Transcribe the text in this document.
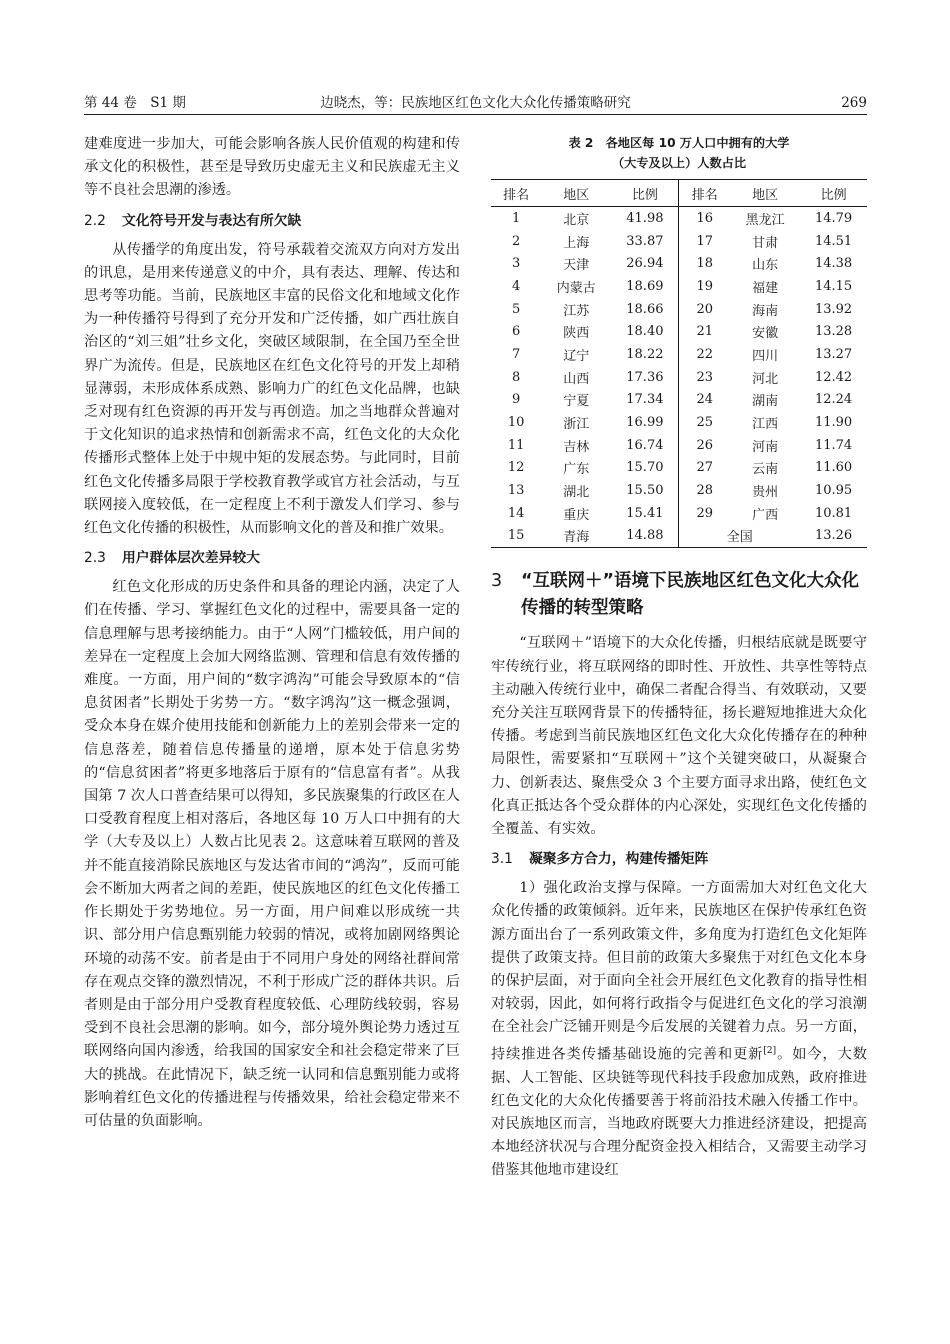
第 44 卷　S1 期	边晓杰，等：民族地区红色文化大众化传播策略研究	269

建难度进一步加大，可能会影响各族人民价值观的构建和传承文化的积极性，甚至是导致历史虚无主义和民族虚无主义等不良社会思潮的渗透。

2.2 文化符号开发与表达有所欠缺

从传播学的角度出发，符号承载着交流双方向对方发出的讯息，是用来传递意义的中介，具有表达、理解、传达和思考等功能。当前，民族地区丰富的民俗文化和地域文化作为一种传播符号得到了充分开发和广泛传播，如广西壮族自治区的“刘三姐”壮乡文化，突破区域限制，在全国乃至全世界广为流传。但是，民族地区在红色文化符号的开发上却稍显薄弱，未形成体系成熟、影响力广的红色文化品牌，也缺乏对现有红色资源的再开发与再创造。加之当地群众普遍对于文化知识的追求热情和创新需求不高，红色文化的大众化传播形式整体上处于中规中矩的发展态势。与此同时，目前红色文化传播多局限于学校教育教学或官方社会活动，与互联网接入度较低，在一定程度上不利于激发人们学习、参与红色文化传播的积极性，从而影响文化的普及和推广效果。

2.3 用户群体层次差异较大

红色文化形成的历史条件和具备的理论内涵，决定了人们在传播、学习、掌握红色文化的过程中，需要具备一定的信息理解与思考接纳能力。由于“人网”门槛较低，用户间的差异在一定程度上会加大网络监测、管理和信息有效传播的难度。一方面，用户间的“数字鸿沟”可能会导致原本的“信息贫困者”长期处于劣势一方。“数字鸿沟”这一概念强调，受众本身在媒介使用技能和创新能力上的差别会带来一定的信息落差，随着信息传播量的递增，原本处于信息劣势的“信息贫困者”将更多地落后于原有的“信息富有者”。从我国第 7 次人口普查结果可以得知，多民族聚集的行政区在人口受教育程度上相对落后，各地区每 10 万人口中拥有的大学（大专及以上）人数占比见表 2。这意味着互联网的普及并不能直接消除民族地区与发达省市间的“鸿沟”，反而可能会不断加大两者之间的差距，使民族地区的红色文化传播工作长期处于劣势地位。另一方面，用户间难以形成统一共识、部分用户信息甄别能力较弱的情况，或将加剧网络舆论环境的动荡不安。前者是由于不同用户身处的网络社群间常存在观点交锋的激烈情况，不利于形成广泛的群体共识。后者则是由于部分用户受教育程度较低、心理防线较弱，容易受到不良社会思潮的影响。如今，部分境外舆论势力透过互联网络向国内渗透，给我国的国家安全和社会稳定带来了巨大的挑战。在此情况下，缺乏统一认同和信息甄别能力或将影响着红色文化的传播进程与传播效果，给社会稳定带来不可估量的负面影响。

表 2　各地区每 10 万人口中拥有的大学
（大专及以上）人数占比
排名	地区	比例	排名	地区	比例
1	北京	41.98	16	黑龙江	14.79
2	上海	33.87	17	甘肃	14.51
3	天津	26.94	18	山东	14.38
4	内蒙古	18.69	19	福建	14.15
5	江苏	18.66	20	海南	13.92
6	陕西	18.40	21	安徽	13.28
7	辽宁	18.22	22	四川	13.27
8	山西	17.36	23	河北	12.42
9	宁夏	17.34	24	湖南	12.24
10	浙江	16.99	25	江西	11.90
11	吉林	16.74	26	河南	11.74
12	广东	15.70	27	云南	11.60
13	湖北	15.50	28	贵州	10.95
14	重庆	15.41	29	广西	10.81
15	青海	14.88	全国		13.26
3 “互联网＋”语境下民族地区红色文化大众化传播的转型策略

“互联网＋”语境下的大众化传播，归根结底就是既要守牢传统行业，将互联网络的即时性、开放性、共享性等特点主动融入传统行业中，确保二者配合得当、有效联动，又要充分关注互联网背景下的传播特征，扬长避短地推进大众化传播。考虑到当前民族地区红色文化大众化传播存在的种种局限性，需要紧扣“互联网＋”这个关键突破口，从凝聚合力、创新表达、聚焦受众 3 个主要方面寻求出路，使红色文化真正抵达各个受众群体的内心深处，实现红色文化传播的全覆盖、有实效。

3.1 凝聚多方合力，构建传播矩阵

1）强化政治支撑与保障。一方面需加大对红色文化大众化传播的政策倾斜。近年来，民族地区在保护传承红色资源方面出台了一系列政策文件，多角度为打造红色文化矩阵提供了政策支持。但目前的政策大多聚焦于对红色文化本身的保护层面，对于面向全社会开展红色文化教育的指导性相对较弱，因此，如何将行政指令与促进红色文化的学习浪潮在全社会广泛铺开则是今后发展的关键着力点。另一方面，持续推进各类传播基础设施的完善和更新[2]。如今，大数据、人工智能、区块链等现代科技手段愈加成熟，政府推进红色文化的大众化传播要善于将前沿技术融入传播工作中。对民族地区而言，当地政府既要大力推进经济建设，把提高本地经济状况与合理分配资金投入相结合，又需要主动学习借鉴其他地市建设红
